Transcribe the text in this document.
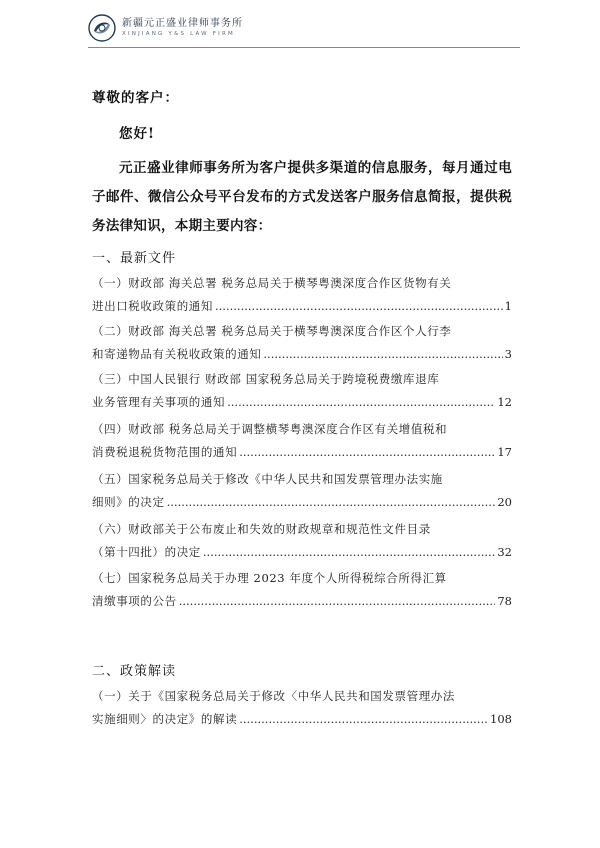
新疆元正盛业律师事务所
XINJIANG Y&S LAW FIRM
尊敬的客户：
您好!
元正盛业律师事务所为客户提供多渠道的信息服务，每月通过电子邮件、微信公众号平台发布的方式发送客户服务信息简报，提供税务法律知识，本期主要内容：
一、最新文件
（一）财政部 海关总署 税务总局关于横琴粤澳深度合作区货物有关
进出口税收政策的通知 .....	1
（二）财政部 海关总署 税务总局关于横琴粤澳深度合作区个人行李
和寄递物品有关税收政策的通知 .....	3
（三）中国人民银行 财政部 国家税务总局关于跨境税费缴库退库
业务管理有关事项的通知 .....	12
（四）财政部 税务总局关于调整横琴粤澳深度合作区有关增值税和
消费税退税货物范围的通知 .....	17
（五）国家税务总局关于修改《中华人民共和国发票管理办法实施
细则》的决定 .....	20
（六）财政部关于公布废止和失效的财政规章和规范性文件目录
（第十四批）的决定 .....	32
（七）国家税务总局关于办理 2023 年度个人所得税综合所得汇算
清缴事项的公告 .....	78
二、政策解读
（一）关于《国家税务总局关于修改〈中华人民共和国发票管理办法
实施细则〉的决定》的解读 .....	108
